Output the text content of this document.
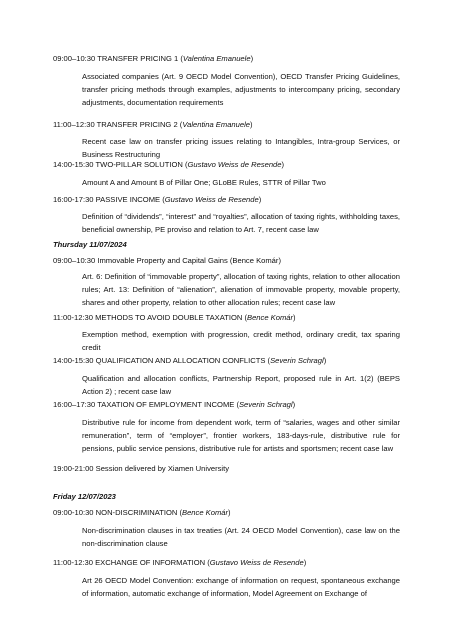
09:00–10:30 TRANSFER PRICING 1 (Valentina Emanuele)
Associated companies (Art. 9 OECD Model Convention), OECD Transfer Pricing Guidelines, transfer pricing methods through examples, adjustments to intercompany pricing, secondary adjustments, documentation requirements
11:00–12:30 TRANSFER PRICING 2 (Valentina Emanuele)
Recent case law on transfer pricing issues relating to Intangibles, Intra-group Services, or Business Restructuring
14:00-15:30 TWO-PILLAR SOLUTION (Gustavo Weiss de Resende)
Amount A and Amount B of Pillar One; GLoBE Rules, STTR of Pillar Two
16:00-17:30 PASSIVE INCOME (Gustavo Weiss de Resende)
Definition of “dividends”, “interest” and “royalties”, allocation of taxing rights, withholding taxes, beneficial ownership, PE proviso and relation to Art. 7, recent case law
Thursday 11/07/2024
09:00–10:30 Immovable Property and Capital Gains (Bence Komár)
Art. 6: Definition of “immovable property”, allocation of taxing rights, relation to other allocation rules; Art. 13: Definition of “alienation”, alienation of immovable property, movable property, shares and other property, relation to other allocation rules; recent case law
11:00-12:30 METHODS TO AVOID DOUBLE TAXATION (Bence Komár)
Exemption method, exemption with progression, credit method, ordinary credit, tax sparing credit
14:00-15:30 QUALIFICATION AND ALLOCATION CONFLICTS (Severin Schragl)
Qualification and allocation conflicts, Partnership Report, proposed rule in Art. 1(2) (BEPS Action 2) ; recent case law
16:00–17:30 TAXATION OF EMPLOYMENT INCOME (Severin Schragl)
Distributive rule for income from dependent work, term of “salaries, wages and other similar remuneration”, term of “employer”, frontier workers, 183-days-rule, distributive rule for pensions, public service pensions, distributive rule for artists and sportsmen; recent case law
19:00-21:00 Session delivered by Xiamen University
Friday 12/07/2023
09:00-10:30 NON-DISCRIMINATION (Bence Komár)
Non-discrimination clauses in tax treaties (Art. 24 OECD Model Convention), case law on the non-discrimination clause
11:00-12:30 EXCHANGE OF INFORMATION (Gustavo Weiss de Resende)
Art 26 OECD Model Convention: exchange of information on request, spontaneous exchange of information, automatic exchange of information, Model Agreement on Exchange of
